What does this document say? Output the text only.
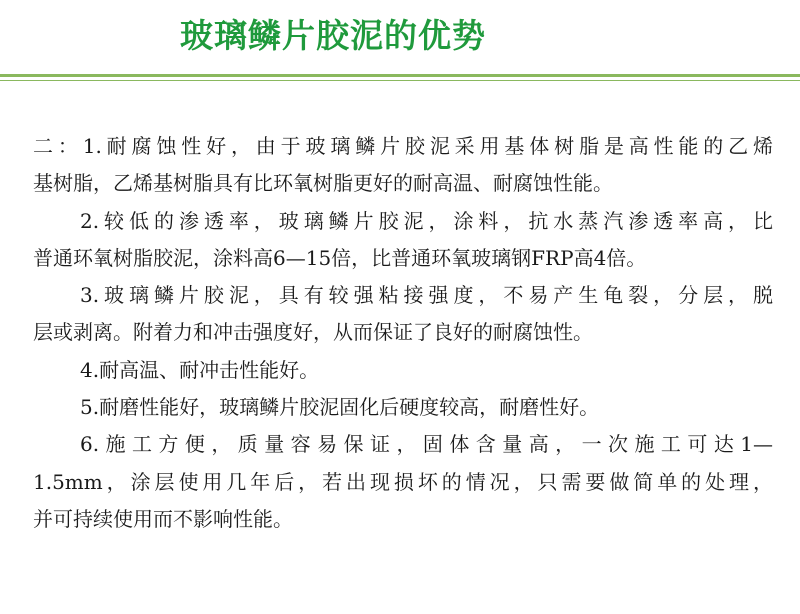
玻璃鳞片胶泥的优势
二：1.耐腐蚀性好，由于玻璃鳞片胶泥采用基体树脂是高性能的乙烯
基树脂，乙烯基树脂具有比环氧树脂更好的耐高温、耐腐蚀性能。
2.较低的渗透率，玻璃鳞片胶泥，涂料，抗水蒸汽渗透率高，比
普通环氧树脂胶泥，涂料高6—15倍，比普通环氧玻璃钢FRP高4倍。
3.玻璃鳞片胶泥，具有较强粘接强度，不易产生龟裂，分层，脱
层或剥离。附着力和冲击强度好，从而保证了良好的耐腐蚀性。
4.耐高温、耐冲击性能好。
5.耐磨性能好，玻璃鳞片胶泥固化后硬度较高，耐磨性好。
6.施工方便，质量容易保证，固体含量高，一次施工可达1—
1.5mm，涂层使用几年后，若出现损坏的情况，只需要做简单的处理，
并可持续使用而不影响性能。
